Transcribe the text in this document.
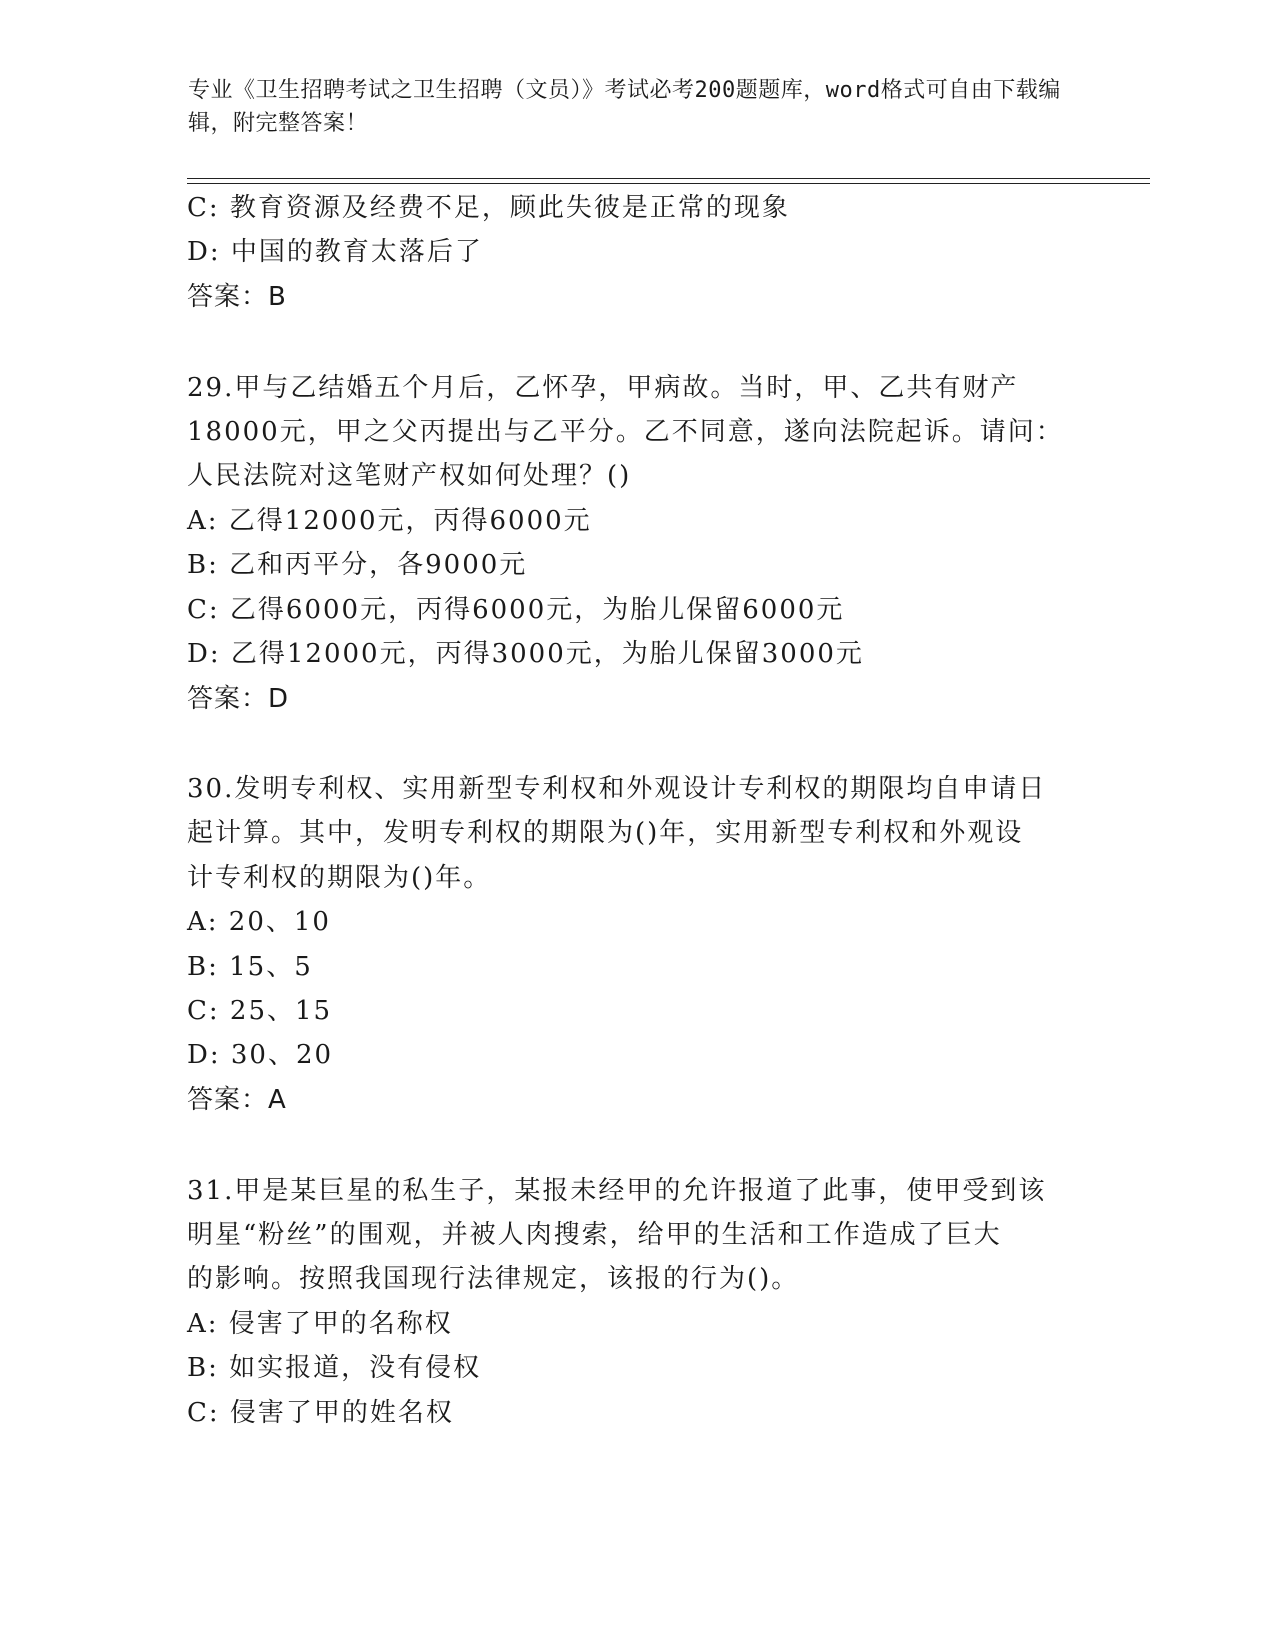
专业《卫生招聘考试之卫生招聘（文员）》考试必考200题题库，word格式可自由下载编辑，附完整答案！
C: 教育资源及经费不足，顾此失彼是正常的现象
D: 中国的教育太落后了
答案：B
29.甲与乙结婚五个月后，乙怀孕，甲病故。当时，甲、乙共有财产
18000元，甲之父丙提出与乙平分。乙不同意，遂向法院起诉。请问：
人民法院对这笔财产权如何处理？()
A: 乙得12000元，丙得6000元
B: 乙和丙平分，各9000元
C: 乙得6000元，丙得6000元，为胎儿保留6000元
D: 乙得12000元，丙得3000元，为胎儿保留3000元
答案：D
30.发明专利权、实用新型专利权和外观设计专利权的期限均自申请日
起计算。其中，发明专利权的期限为()年，实用新型专利权和外观设
计专利权的期限为()年。
A: 20、10
B: 15、5
C: 25、15
D: 30、20
答案：A
31.甲是某巨星的私生子，某报未经甲的允许报道了此事，使甲受到该
明星“粉丝”的围观，并被人肉搜索，给甲的生活和工作造成了巨大
的影响。按照我国现行法律规定，该报的行为()。
A: 侵害了甲的名称权
B: 如实报道，没有侵权
C: 侵害了甲的姓名权
